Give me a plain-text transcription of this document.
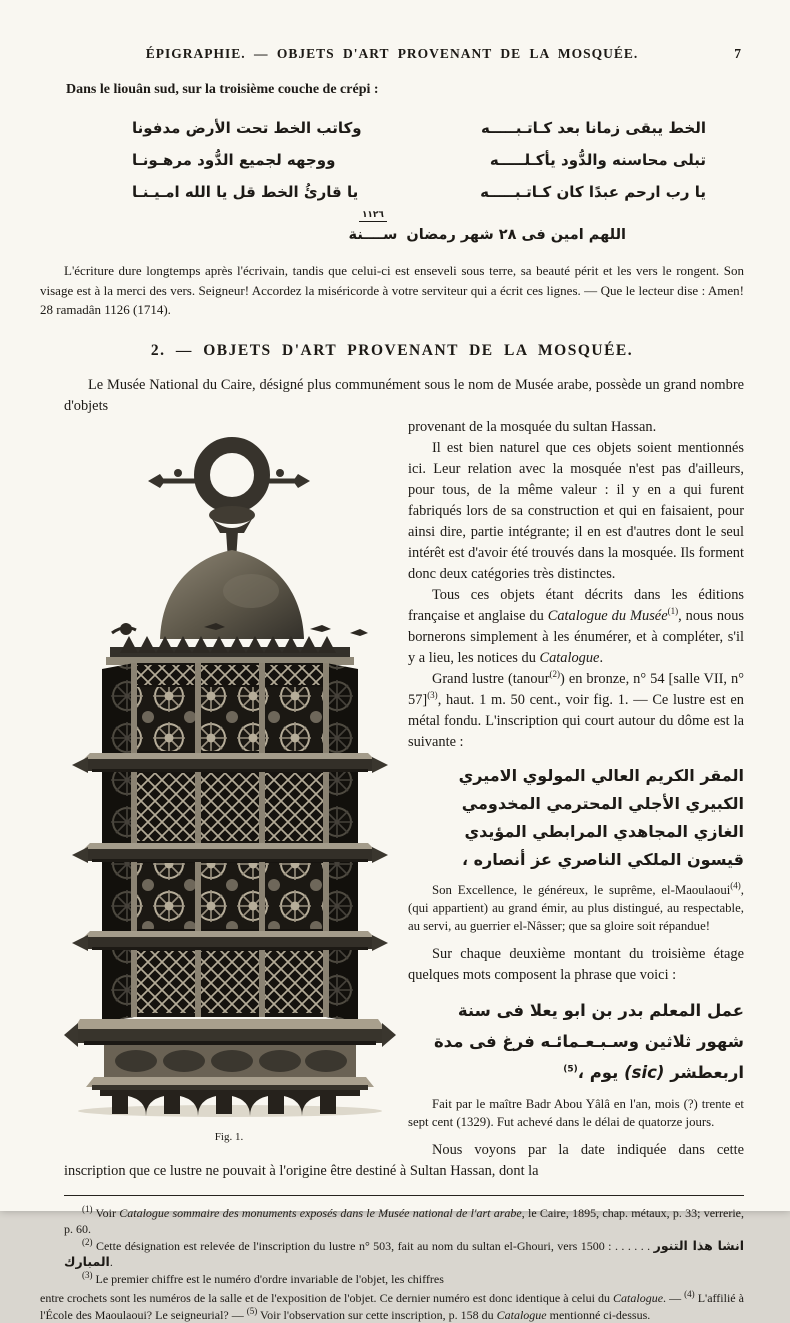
ÉPIGRAPHIE. — OBJETS D'ART PROVENANT DE LA MOSQUÉE.	7

Dans le liouân sud, sur la troisième couche de crépi :

الخط يبقى زمانا بعد كـاتـبـــــه
وكاتب الخط تحت الأرض مدفونا
تبلى محاسنه والدُّود يأكـلـــــه
ووجهه لجميع الدُّود مرهـونـا
يا رب ارحم عبدًا كان كـاتـبـــــه
يا قارئُ الخط قل يا الله امـيـنـا
اللهم امين فى ٢٨ شهر رمضان
١١٢٦
ســــنة

L'écriture dure longtemps après l'écrivain, tandis que celui-ci est enseveli sous terre, sa beauté périt et les vers le rongent. Son visage est à la merci des vers. Seigneur! Accordez la miséricorde à votre serviteur qui a écrit ces lignes. — Que le lecteur dise : Amen! 28 ramadân 1126 (1714).

2. — OBJETS D'ART PROVENANT DE LA MOSQUÉE.

Le Musée National du Caire, désigné plus communément sous le nom de Musée arabe, possède un grand nombre d'objets

Fig. 1.

provenant de la mosquée du sultan Hassan.

Il est bien naturel que ces objets soient mentionnés ici. Leur relation avec la mosquée n'est pas d'ailleurs, pour tous, de la même valeur : il y en a qui furent fabriqués lors de sa construction et qui en faisaient, pour ainsi dire, partie intégrante; il en est d'autres dont le seul intérêt est d'avoir été trouvés dans la mosquée. Ils forment donc deux catégories très distinctes.

Tous ces objets étant décrits dans les éditions française et anglaise du Catalogue du Musée$^{(1)}$, nous nous bornerons simplement à les énumérer, et à compléter, s'il y a lieu, les notices du Catalogue.

Grand lustre (tanour$^{(2)}$) en bronze, n° 54 [salle VII, n° 57]$^{(3)}$, haut. 1 m. 50 cent., voir fig. 1. — Ce lustre est en métal fondu. L'inscription qui court autour du dôme est la suivante :

المقر الكريم العالي المولوي الاميري الكبيري الأجلي المحترمي المخدومي الغازي المجاهدي المرابطي المؤيدي قيسون الملكي الناصري عز أنصاره ،

Son Excellence, le généreux, le suprême, el-Maoulaoui$^{(4)}$, (qui appartient) au grand émir, au plus distingué, au respectable, au servi, au guerrier el-Nâsser; que sa gloire soit répandue!

Sur chaque deuxième montant du troisième étage quelques mots composent la phrase que voici :

عمل المعلم بدر بن ابو يعلا فى سنة شهور ثلاثين وسـبـعـمائـه فرغ فى مدة اربعطشر (sic) يوم ،$^{(5)}$

Fait par le maître Badr Abou Yâlâ en l'an, mois (?) trente et sept cent (1329). Fut achevé dans le délai de quatorze jours.

Nous voyons par la date indiquée dans cette inscription que ce lustre ne pouvait à l'origine être destiné à Sultan Hassan, dont la

$^{(1)}$ Voir Catalogue sommaire des monuments exposés dans le Musée national de l'art arabe, le Caire, 1895, chap. métaux, p. 33; verrerie, p. 60.

$^{(2)}$ Cette désignation est relevée de l'inscription du lustre n° 503, fait au nom du sultan el-Ghouri, vers 1500 : . . . . . . انشا هذا التنور المبارك.

$^{(3)}$ Le premier chiffre est le numéro d'ordre invariable de l'objet, les chiffres

entre crochets sont les numéros de la salle et de l'exposition de l'objet. Ce dernier numéro est donc identique à celui du Catalogue. — $^{(4)}$ L'affilié à l'École des Maoulaoui? Le seigneurial? — $^{(5)}$ Voir l'observation sur cette inscription, p. 158 du Catalogue mentionné ci-dessus.
